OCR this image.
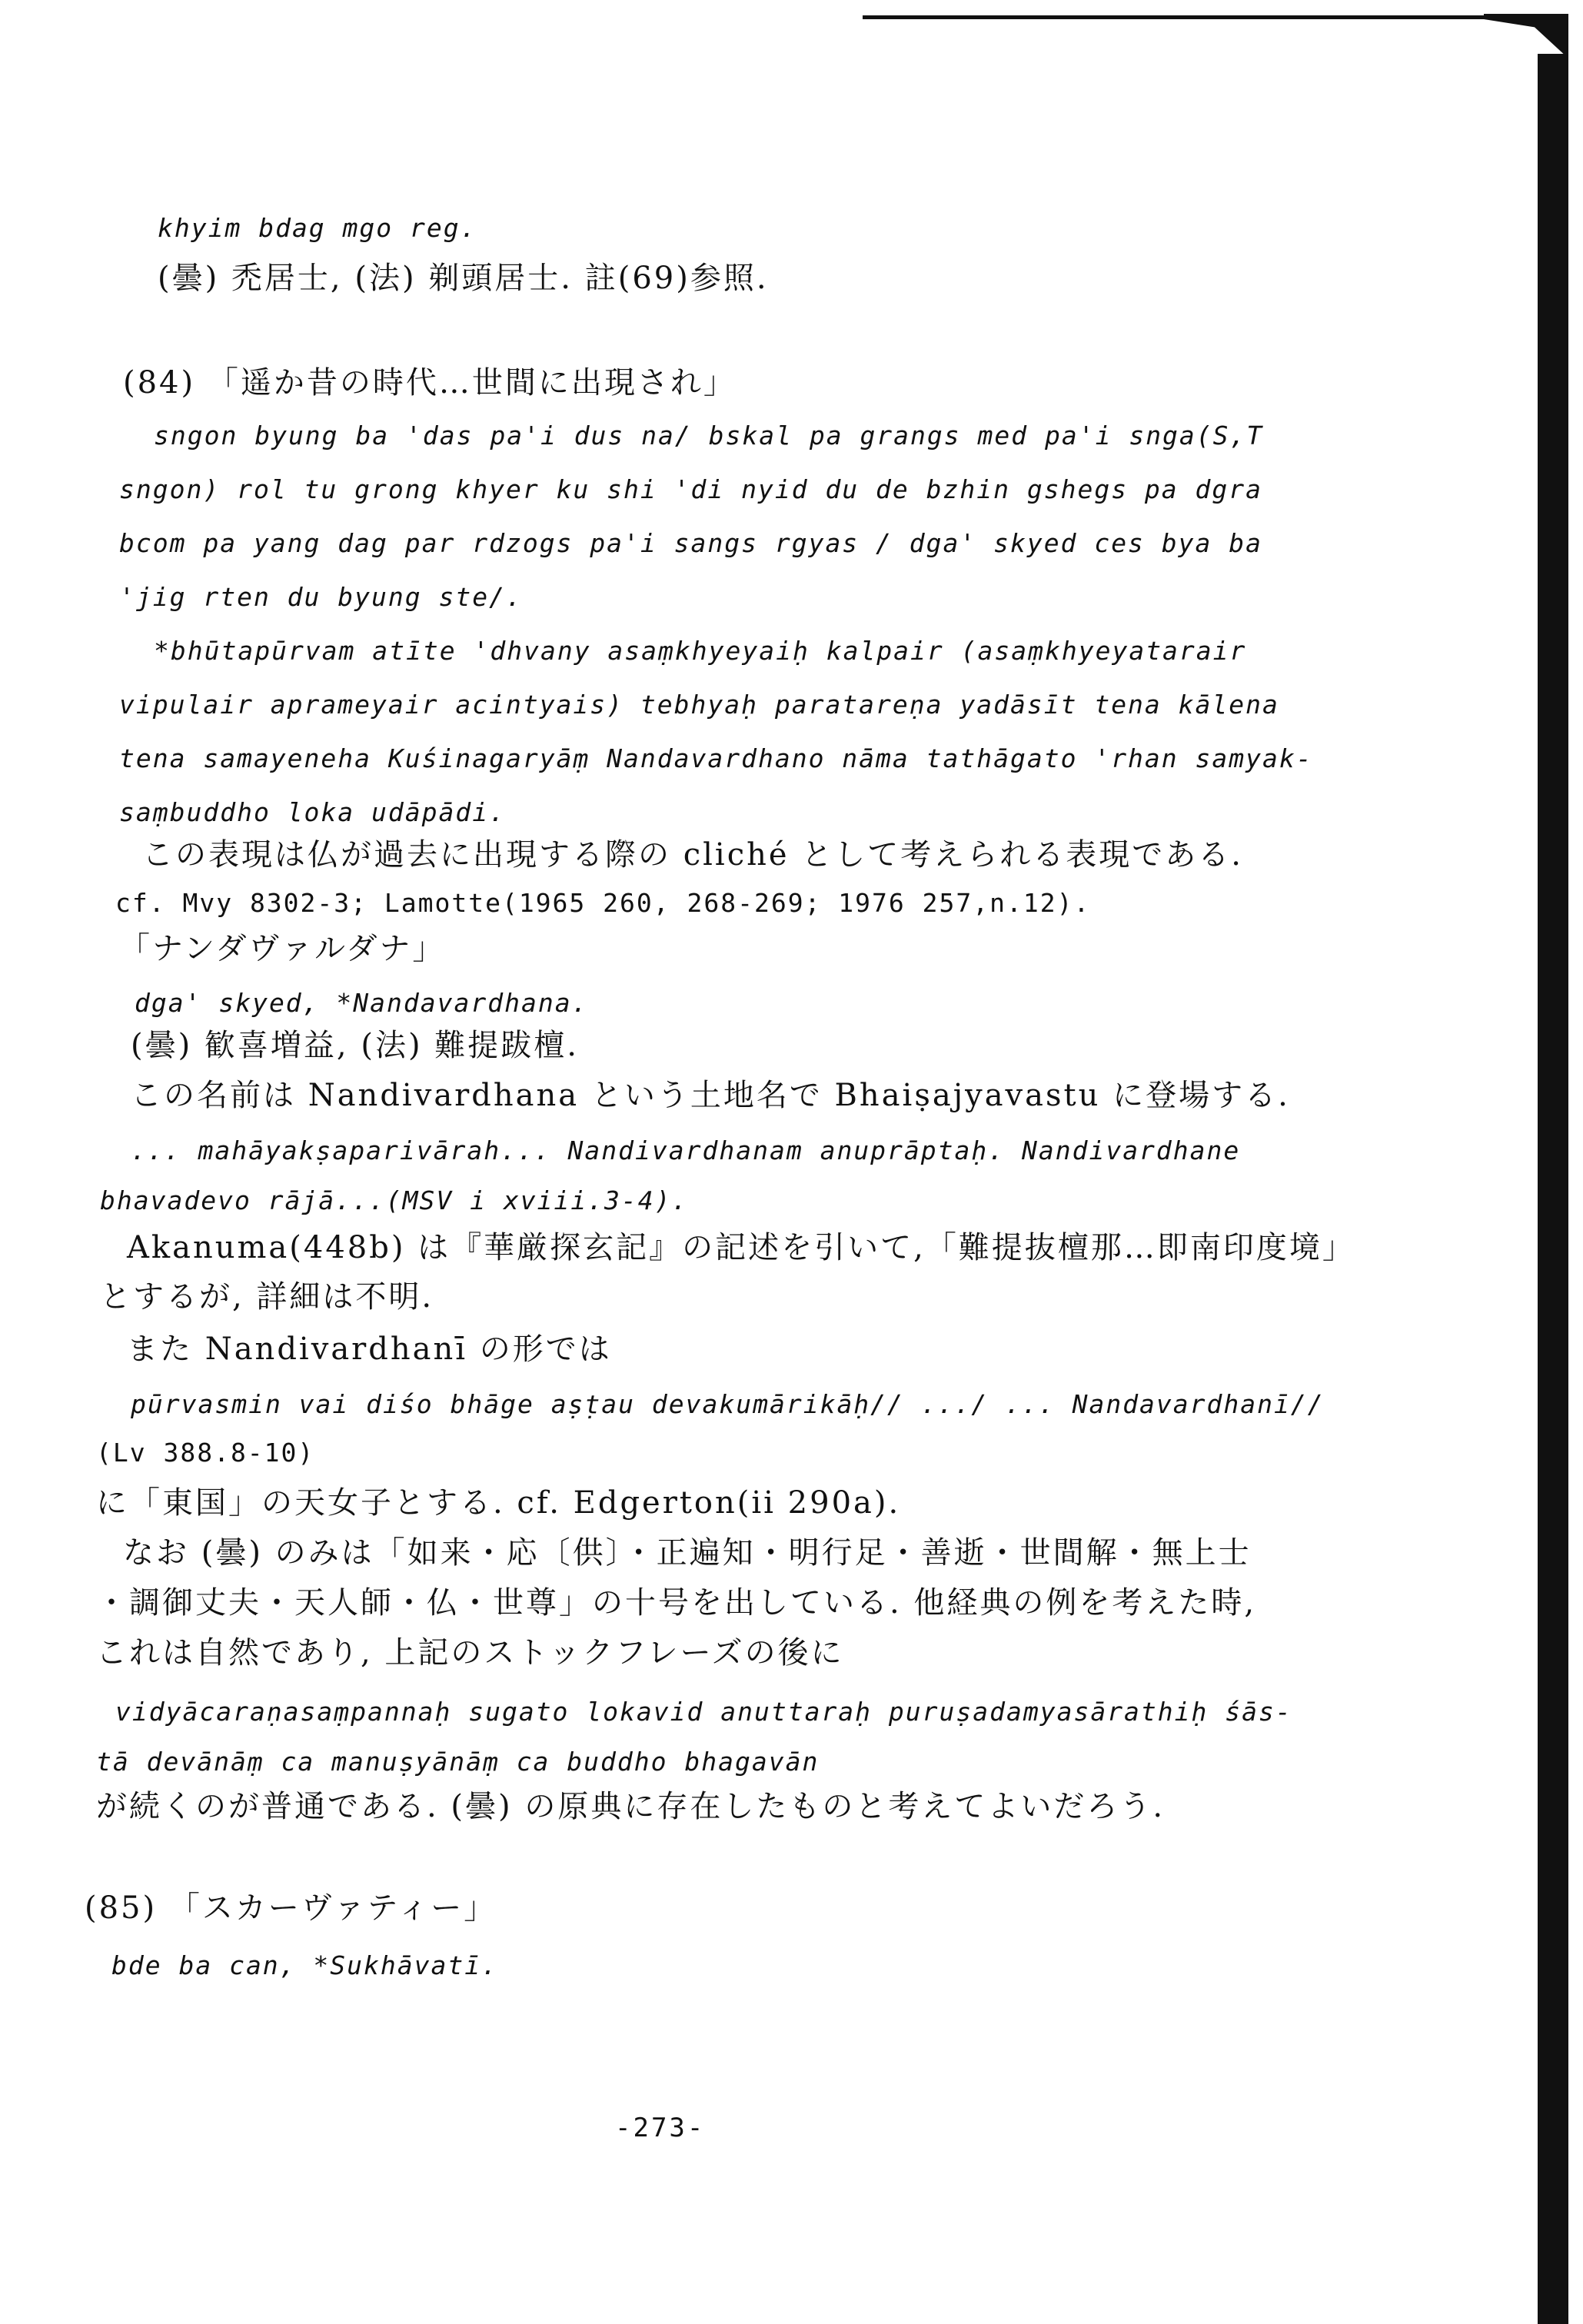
khyim bdag mgo reg.
(曇) 禿居士, (法) 剃頭居士. 註(69)参照.
(84) 「遥か昔の時代…世間に出現され」
sngon byung ba 'das pa'i dus na/ bskal pa grangs med pa'i snga(S,T
sngon) rol tu grong khyer ku shi 'di nyid du de bzhin gshegs pa dgra
bcom pa yang dag par rdzogs pa'i sangs rgyas / dga' skyed ces bya ba
'jig rten du byung ste/.
*bhūtapūrvam atīte 'dhvany asaṃkhyeyaiḥ kalpair (asaṃkhyeyatarair
vipulair aprameyair acintyais) tebhyaḥ paratareṇa yadāsīt tena kālena
tena samayeneha Kuśinagaryāṃ Nandavardhano nāma tathāgato 'rhan samyak-
saṃbuddho loka udāpādi.
この表現は仏が過去に出現する際の cliché として考えられる表現である.
cf. Mvy 8302-3; Lamotte(1965 260, 268-269; 1976 257,n.12).
「ナンダヴァルダナ」
dga' skyed, *Nandavardhana.
(曇) 歓喜増益, (法) 難提跋檀.
この名前は Nandivardhana という土地名で Bhaiṣajyavastu に登場する.
... mahāyakṣaparivārah... Nandivardhanam anuprāptaḥ. Nandivardhane
bhavadevo rājā...(MSV i xviii.3-4).
Akanuma(448b) は『華厳探玄記』の記述を引いて,「難提抜檀那…即南印度境」
とするが, 詳細は不明.
また Nandivardhanī の形では
pūrvasmin vai diśo bhāge aṣṭau devakumārikāḥ// .../ ... Nandavardhanī//
(Lv 388.8-10)
に「東国」の天女子とする. cf. Edgerton(ii 290a).
なお (曇) のみは「如来・応〔供〕・正遍知・明行足・善逝・世間解・無上士
・調御丈夫・天人師・仏・世尊」の十号を出している. 他経典の例を考えた時,
これは自然であり, 上記のストックフレーズの後に
vidyācaraṇasaṃpannaḥ sugato lokavid anuttaraḥ puruṣadamyasārathiḥ śās-
tā devānāṃ ca manuṣyānāṃ ca buddho bhagavān
が続くのが普通である. (曇) の原典に存在したものと考えてよいだろう.
(85) 「スカーヴァティー」
bde ba can, *Sukhāvatī.
-273-
